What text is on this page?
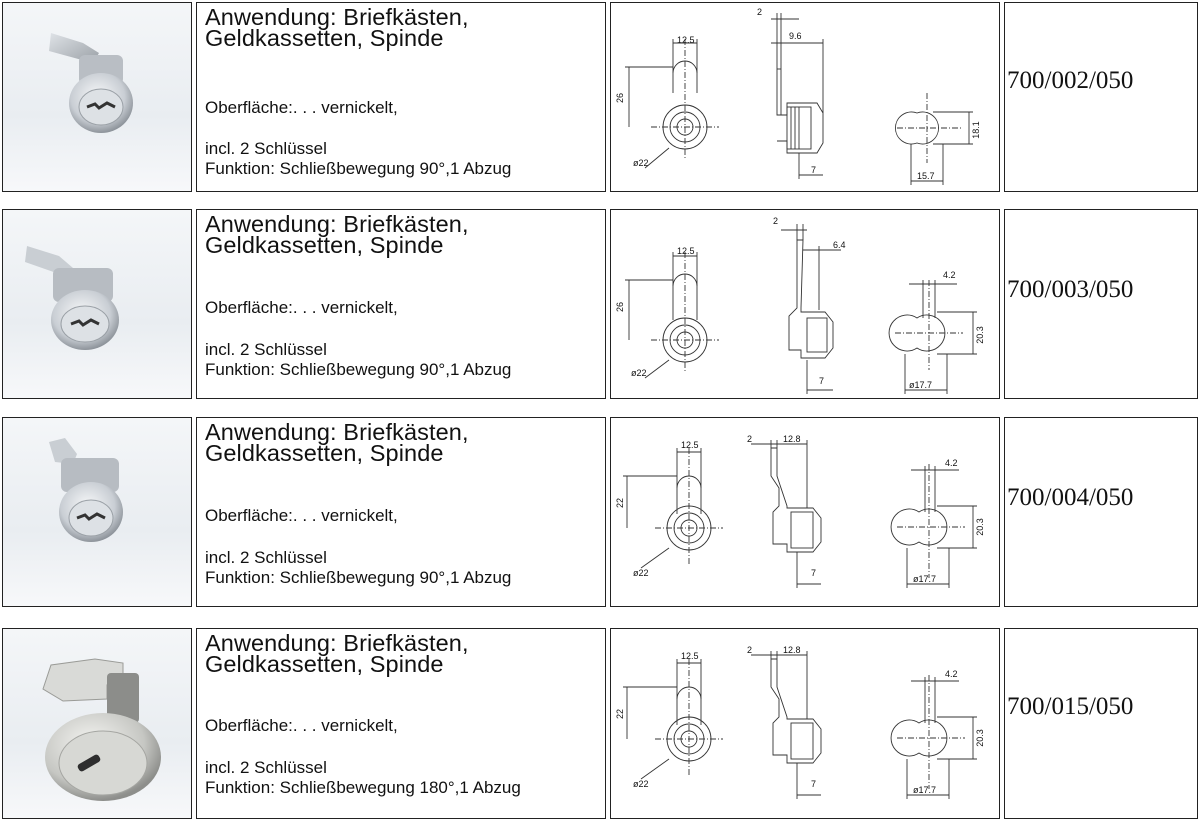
Anwendung: Briefkästen,

Geldkassetten, Spinde

Oberfläche:. . . vernickelt,
incl. 2 Schlüssel
Funktion: Schließbewegung 90°,1 Abzug
12.5
26
ø22
2
9.6
7
18.1
15.7
700/002/050

Anwendung: Briefkästen,

Geldkassetten, Spinde

Oberfläche:. . . vernickelt,
incl. 2 Schlüssel
Funktion: Schließbewegung 90°,1 Abzug
12.5
26
ø22
2
6.4
7
4.2
20.3
ø17.7
700/003/050

Anwendung: Briefkästen,

Geldkassetten, Spinde

Oberfläche:. . . vernickelt,
incl. 2 Schlüssel
Funktion: Schließbewegung 90°,1 Abzug
12.5
22
ø22
2	12.8
7
4.2
20.3
ø17.7
700/004/050

Anwendung: Briefkästen,

Geldkassetten, Spinde

Oberfläche:. . . vernickelt,
incl. 2 Schlüssel
Funktion: Schließbewegung 180°,1 Abzug
12.5
22
ø22
2	12.8
7
4.2
20.3
ø17.7
700/015/050
